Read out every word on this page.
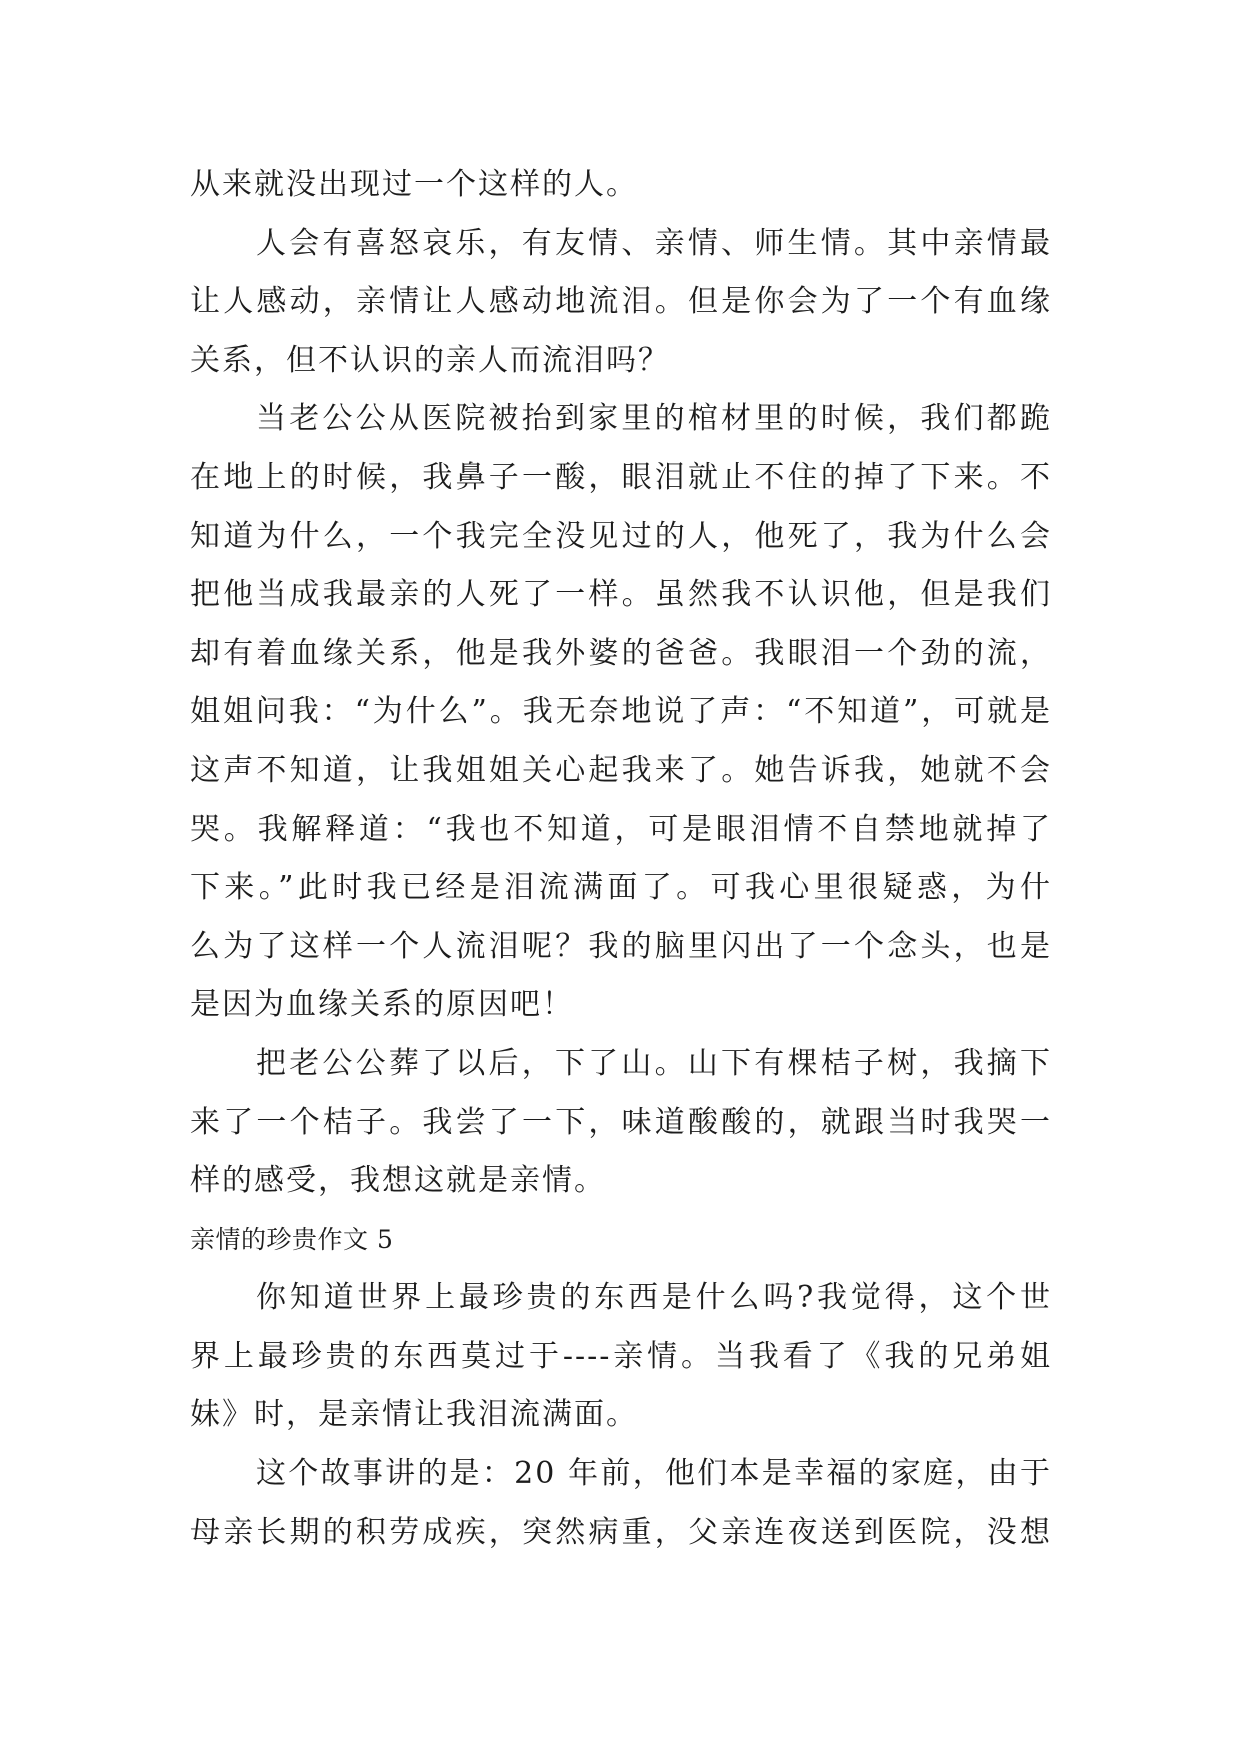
从来就没出现过一个这样的人。
人会有喜怒哀乐，有友情、亲情、师生情。其中亲情最
让人感动，亲情让人感动地流泪。但是你会为了一个有血缘
关系，但不认识的亲人而流泪吗？
当老公公从医院被抬到家里的棺材里的时候，我们都跪
在地上的时候，我鼻子一酸，眼泪就止不住的掉了下来。不
知道为什么，一个我完全没见过的人，他死了，我为什么会
把他当成我最亲的人死了一样。虽然我不认识他，但是我们
却有着血缘关系，他是我外婆的爸爸。我眼泪一个劲的流，
姐姐问我：“为什么”。我无奈地说了声：“不知道”，可就是
这声不知道，让我姐姐关心起我来了。她告诉我，她就不会
哭。我解释道：“我也不知道，可是眼泪情不自禁地就掉了
下来。”此时我已经是泪流满面了。可我心里很疑惑，为什
么为了这样一个人流泪呢？我的脑里闪出了一个念头，也是
是因为血缘关系的原因吧！
把老公公葬了以后，下了山。山下有棵桔子树，我摘下
来了一个桔子。我尝了一下，味道酸酸的，就跟当时我哭一
样的感受，我想这就是亲情。
亲情的珍贵作文 5
你知道世界上最珍贵的东西是什么吗?我觉得，这个世
界上最珍贵的东西莫过于----亲情。当我看了《我的兄弟姐
妹》时，是亲情让我泪流满面。
这个故事讲的是：20 年前，他们本是幸福的家庭，由于
母亲长期的积劳成疾，突然病重，父亲连夜送到医院，没想
